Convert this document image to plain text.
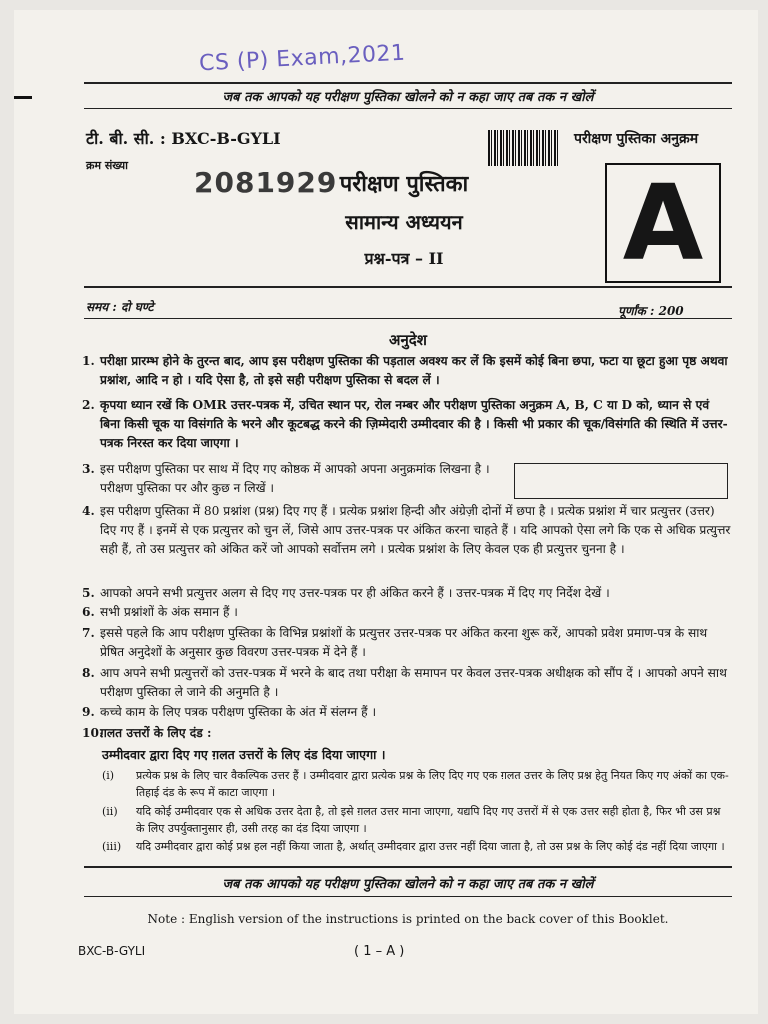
CS (P) Exam,2021
जब तक आपको यह परीक्षण पुस्तिका खोलने को न कहा जाए तब तक न खोलें
टी. बी. सी. : BXC-B-GYLI	परीक्षण पुस्तिका अनुक्रम
क्रम संख्या
2081929 परीक्षण पुस्तिका
सामान्य अध्ययन
प्रश्न-पत्र – II	A
समय : दो घण्टे	पूर्णांक : 200
अनुदेश
1. परीक्षा प्रारम्भ होने के तुरन्त बाद, आप इस परीक्षण पुस्तिका की पड़ताल अवश्य कर लें कि इसमें कोई बिना छपा, फटा या छूटा हुआ पृष्ठ अथवा प्रश्नांश, आदि न हो । यदि ऐसा है, तो इसे सही परीक्षण पुस्तिका से बदल लें ।
2. कृपया ध्यान रखें कि OMR उत्तर-पत्रक में, उचित स्थान पर, रोल नम्बर और परीक्षण पुस्तिका अनुक्रम A, B, C या D को, ध्यान से एवं बिना किसी चूक या विसंगति के भरने और कूटबद्ध करने की ज़िम्मेदारी उम्मीदवार की है । किसी भी प्रकार की चूक/विसंगति की स्थिति में उत्तर-पत्रक निरस्त कर दिया जाएगा ।
3. इस परीक्षण पुस्तिका पर साथ में दिए गए कोष्ठक में आपको अपना अनुक्रमांक लिखना है । परीक्षण पुस्तिका पर और कुछ न लिखें ।
4. इस परीक्षण पुस्तिका में 80 प्रश्नांश (प्रश्न) दिए गए हैं । प्रत्येक प्रश्नांश हिन्दी और अंग्रेज़ी दोनों में छपा है । प्रत्येक प्रश्नांश में चार प्रत्युत्तर (उत्तर) दिए गए हैं । इनमें से एक प्रत्युत्तर को चुन लें, जिसे आप उत्तर-पत्रक पर अंकित करना चाहते हैं । यदि आपको ऐसा लगे कि एक से अधिक प्रत्युत्तर सही हैं, तो उस प्रत्युत्तर को अंकित करें जो आपको सर्वोत्तम लगे । प्रत्येक प्रश्नांश के लिए केवल एक ही प्रत्युत्तर चुनना है ।
5. आपको अपने सभी प्रत्युत्तर अलग से दिए गए उत्तर-पत्रक पर ही अंकित करने हैं । उत्तर-पत्रक में दिए गए निर्देश देखें ।
6. सभी प्रश्नांशों के अंक समान हैं ।
7. इससे पहले कि आप परीक्षण पुस्तिका के विभिन्न प्रश्नांशों के प्रत्युत्तर उत्तर-पत्रक पर अंकित करना शुरू करें, आपको प्रवेश प्रमाण-पत्र के साथ प्रेषित अनुदेशों के अनुसार कुछ विवरण उत्तर-पत्रक में देने हैं ।
8. आप अपने सभी प्रत्युत्तरों को उत्तर-पत्रक में भरने के बाद तथा परीक्षा के समापन पर केवल उत्तर-पत्रक अधीक्षक को सौंप दें । आपको अपने साथ परीक्षण पुस्तिका ले जाने की अनुमति है ।
9. कच्चे काम के लिए पत्रक परीक्षण पुस्तिका के अंत में संलग्न हैं ।
10.
ग़लत उत्तरों के लिए दंड :
उम्मीदवार द्वारा दिए गए ग़लत उत्तरों के लिए दंड दिया जाएगा ।
(i) प्रत्येक प्रश्न के लिए चार वैकल्पिक उत्तर हैं । उम्मीदवार द्वारा प्रत्येक प्रश्न के लिए दिए गए एक ग़लत उत्तर के लिए प्रश्न हेतु नियत किए गए अंकों का एक-तिहाई दंड के रूप में काटा जाएगा ।
(ii) यदि कोई उम्मीदवार एक से अधिक उत्तर देता है, तो इसे ग़लत उत्तर माना जाएगा, यद्यपि दिए गए उत्तरों में से एक उत्तर सही होता है, फिर भी उस प्रश्न के लिए उपर्युक्तानुसार ही, उसी तरह का दंड दिया जाएगा ।
(iii) यदि उम्मीदवार द्वारा कोई प्रश्न हल नहीं किया जाता है, अर्थात् उम्मीदवार द्वारा उत्तर नहीं दिया जाता है, तो उस प्रश्न के लिए कोई दंड नहीं दिया जाएगा ।
जब तक आपको यह परीक्षण पुस्तिका खोलने को न कहा जाए तब तक न खोलें
Note : English version of the instructions is printed on the back cover of this Booklet.
BXC-B-GYLI	( 1 – A )
